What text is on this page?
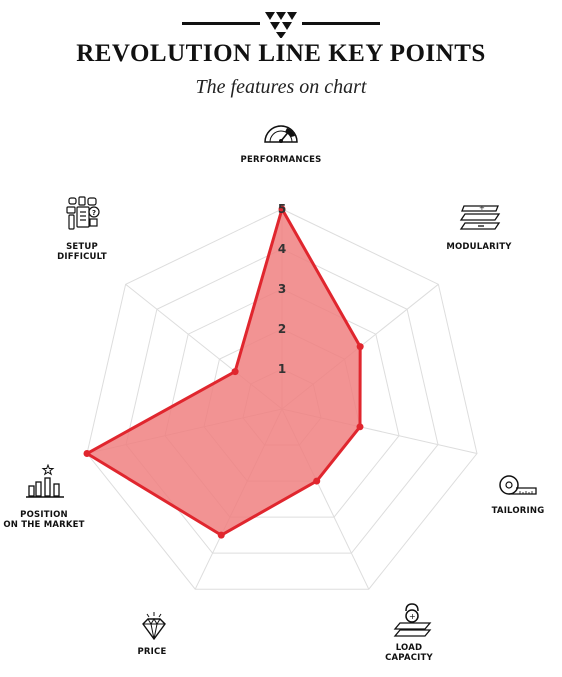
REVOLUTION LINE KEY POINTS
The features on chart
1
2
3
4
5
PERFORMANCES
MODULARITY
TAILORING
LOAD
CAPACITY
PRICE
POSITION
ON THE MARKET
SETUP
DIFFICULT
+
+
?
